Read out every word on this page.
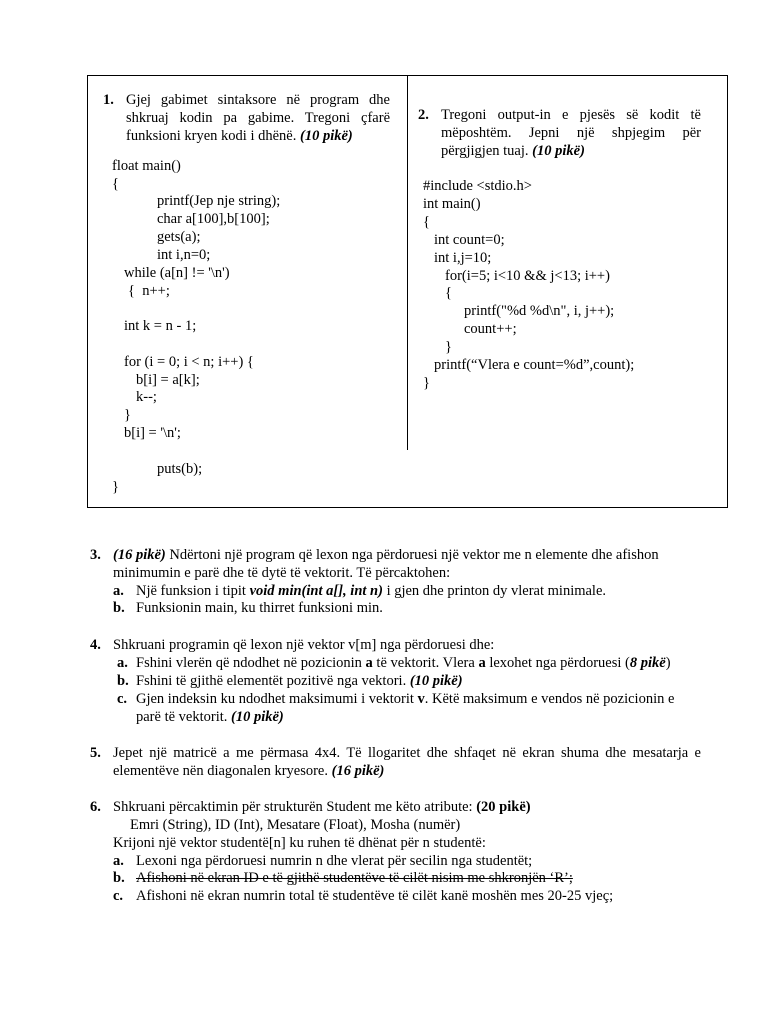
1. Gjej gabimet sintaksore në program dhe
shkruaj kodin pa gabime. Tregoni çfarë
funksioni kryen kodi i dhënë. (10 pikë)
float main()
{
printf(Jep nje string);
char a[100],b[100];
gets(a);
int i,n=0;
while (a[n] != '\n')
{  n++;
int k = n - 1;
for (i = 0; i < n; i++) {
b[i] = a[k];
k--;
}
b[i] = '\n';
puts(b);
}
2. Tregoni output-in e pjesës së kodit të
mëposhtëm. Jepni një shpjegim për
përgjigjen tuaj. (10 pikë)
#include <stdio.h>
int main()
{
int count=0;
int i,j=10;
for(i=5; i<10 && j<13; i++)
{
printf("%d %d\n", i, j++);
count++;
}
printf(“Vlera e count=%d”,count);
}
3. (16 pikë) Ndërtoni një program që lexon nga përdoruesi një vektor me n elemente dhe afishon
minimumin e parë dhe të dytë të vektorit. Të përcaktohen:
a. Një funksion i tipit void min(int a[], int n) i gjen dhe printon dy vlerat minimale.
b. Funksionin main, ku thirret funksioni min.
4. Shkruani programin që lexon një vektor v[m] nga përdoruesi dhe:
a. Fshini vlerën që ndodhet në pozicionin a të vektorit. Vlera a lexohet nga përdoruesi (8 pikë)
b. Fshini të gjithë elementët pozitivë nga vektori. (10 pikë)
c. Gjen indeksin ku ndodhet maksimumi i vektorit v. Këtë maksimum e vendos në pozicionin e
parë të vektorit. (10 pikë)
5. Jepet një matricë a me përmasa 4x4. Të llogaritet dhe shfaqet në ekran shuma dhe mesatarja e
elementëve nën diagonalen kryesore. (16 pikë)
6. Shkruani përcaktimin për strukturën Student me këto atribute: (20 pikë)
Emri (String), ID (Int), Mesatare (Float), Mosha (numër)
Krijoni një vektor studentë[n] ku ruhen të dhënat për n studentë:
a. Lexoni nga përdoruesi numrin n dhe vlerat për secilin nga studentët;
b. Afishoni në ekran ID e të gjithë studentëve të cilët nisim me shkronjën ‘R’;
c. Afishoni në ekran numrin total të studentëve të cilët kanë moshën mes 20-25 vjeç;
